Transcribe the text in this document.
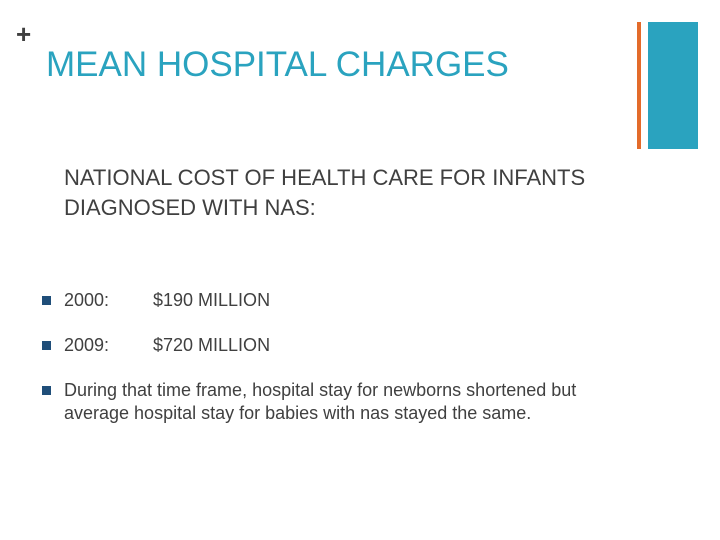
+
MEAN HOSPITAL CHARGES
NATIONAL COST OF HEALTH CARE FOR INFANTS DIAGNOSED WITH NAS:
2000: $190 MILLION
2009: $720 MILLION
During that time frame, hospital stay for newborns shortened but average hospital stay for babies with nas stayed the same.
